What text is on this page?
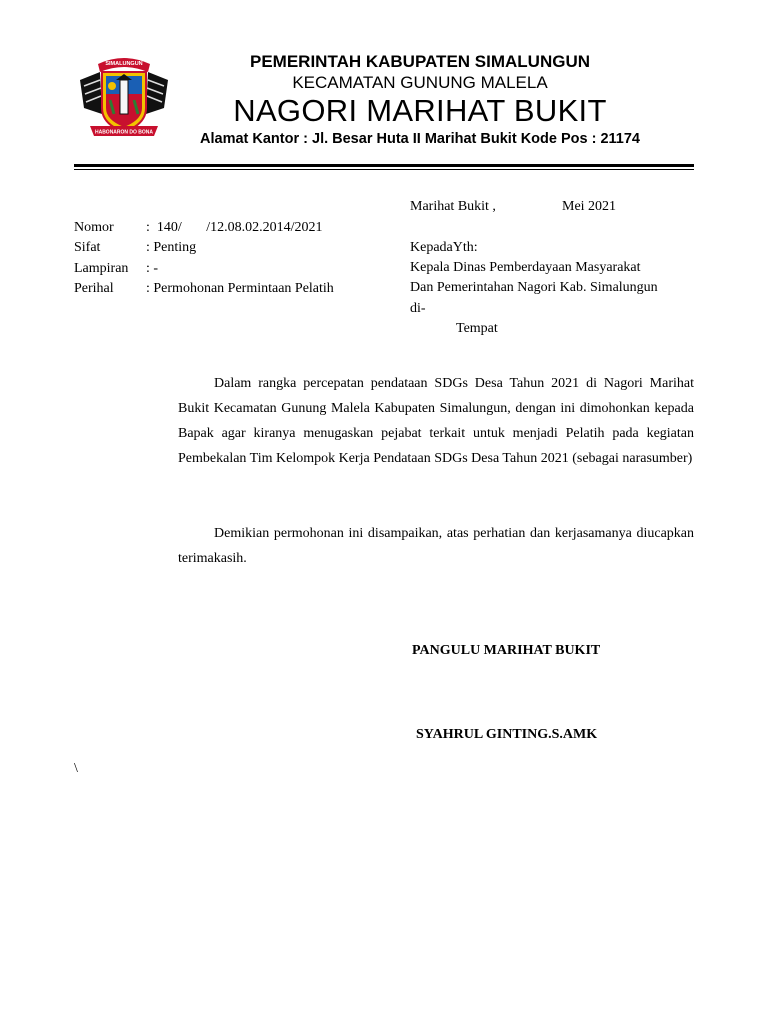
SIMALUNGUN
HABONARON DO BONA
PEMERINTAH KABUPATEN SIMALUNGUN
KECAMATAN GUNUNG MALELA
NAGORI MARIHAT BUKIT
Alamat Kantor : Jl. Besar Huta II Marihat Bukit Kode Pos : 21174
Marihat Bukit ,	Mei 2021
Nomor :  140/       /12.08.02.2014/2021
Sifat	: Penting
Lampiran : -
Perihal : Permohonan Permintaan Pelatih
KepadaYth:
Kepala Dinas Pemberdayaan Masyarakat
Dan Pemerintahan Nagori Kab. Simalungun
di-
Tempat

Dalam rangka percepatan pendataan SDGs Desa Tahun 2021 di Nagori Marihat Bukit Kecamatan Gunung Malela Kabupaten Simalungun, dengan ini dimohonkan kepada Bapak agar kiranya menugaskan pejabat terkait untuk menjadi Pelatih pada kegiatan Pembekalan Tim Kelompok Kerja Pendataan SDGs Desa Tahun 2021 (sebagai narasumber)

Demikian permohonan ini disampaikan, atas perhatian dan kerjasamanya diucapkan terimakasih.

PANGULU MARIHAT BUKIT
SYAHRUL GINTING.S.AMK
\
